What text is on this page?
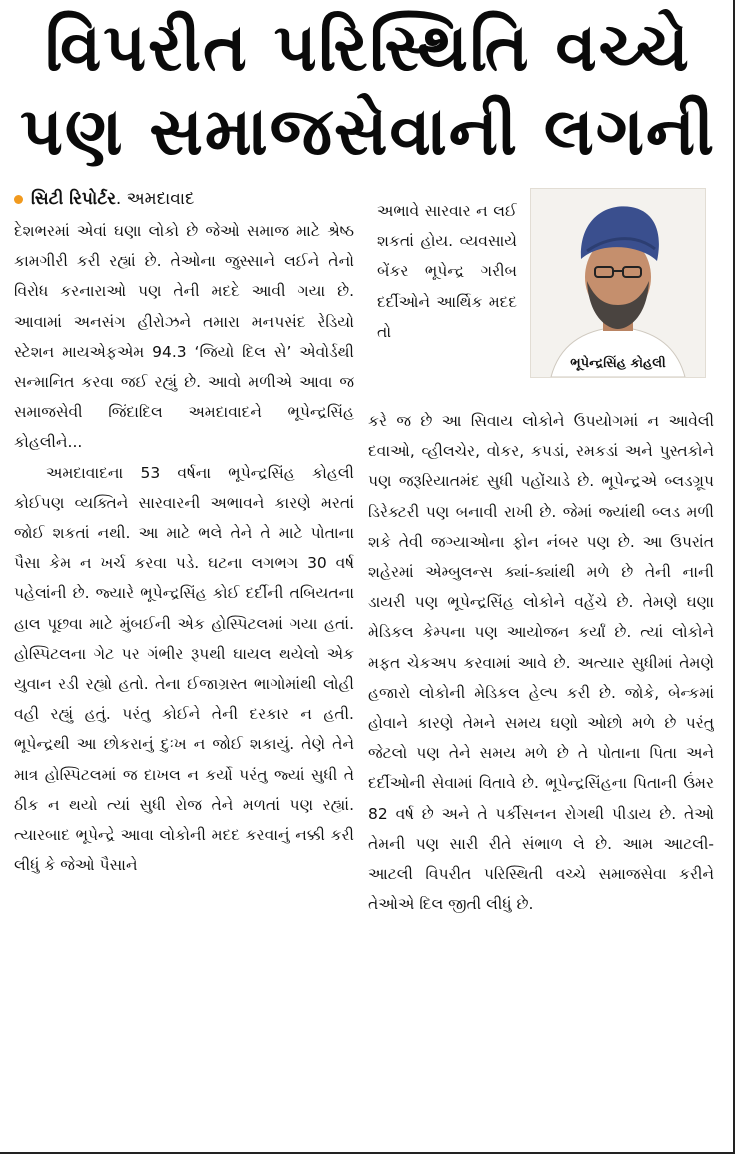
વિપરીત પરિસ્થિતિ વચ્ચે
પણ સમાજસેવાની લગની
સિટી રિપોર્ટર. અમદાવાદ

દેશભરમાં એવાં ઘણા લોકો છે જેઓ સમાજ માટે શ્રેષ્ઠ કામગીરી કરી રહ્યાં છે. તેઓના જુસ્સાને લઈને તેનો વિરોધ કરનારાઓ પણ તેની મદદે આવી ગયા છે. આવામાં અનસંગ હીરોઝને તમારા મનપસંદ રેડિયો સ્ટેશન માયએફએમ 94.3 ‘જિયો દિલ સે’ એવોર્ડથી સન્માનિત કરવા જઈ રહ્યું છે. આવો મળીએ આવા જ સમાજસેવી જિંદાદિલ અમદાવાદને ભૂપેન્દ્રસિંહ કોહલીને...

અમદાવાદના 53 વર્ષના ભૂપેન્દ્રસિંહ કોહલી કોઈપણ વ્યક્તિને સારવારની અભાવને કારણે મરતાં જોઈ શકતાં નથી. આ માટે ભલે તેને તે માટે પોતાના પૈસા કેમ ન ખર્ચ કરવા પડે. ઘટના લગભગ 30 વર્ષ પહેલાંની છે. જ્યારે ભૂપેન્દ્રસિંહ કોઈ દર્દીની તબિયતના હાલ પૂછવા માટે મુંબઈની એક હોસ્પિટલમાં ગયા હતાં. હોસ્પિટલના ગેટ પર ગંભીર રૂપથી ઘાયલ થયેલો એક યુવાન રડી રહ્યો હતો. તેના ઈજાગ્રસ્ત ભાગોમાંથી લોહી વહી રહ્યું હતું. પરંતુ કોઈને તેની દરકાર ન હતી. ભૂપેન્દ્રથી આ છોકરાનું દુઃખ ન જોઈ શકાયું. તેણે તેને માત્ર હોસ્પિટલમાં જ દાખલ ન કર્યો પરંતુ જ્યાં સુધી તે ઠીક ન થયો ત્યાં સુધી રોજ તેને મળતાં પણ રહ્યાં. ત્યારબાદ ભૂપેન્દ્રે આવા લોકોની મદદ કરવાનું નક્કી કરી લીધું કે જેઓ પૈસાને

અભાવે સારવાર ન લઈ શકતાં હોય. વ્યવસાયે બેંકર ભૂપેન્દ્ર ગરીબ દર્દીઓને આર્થિક મદદ તો

ભૂપેન્દ્રસિંહ કોહલી

કરે જ છે આ સિવાય લોકોને ઉપયોગમાં ન આવેલી દવાઓ, વ્હીલચેર, વોકર, કપડાં, રમકડાં અને પુસ્તકોને પણ જરૂરિયાતમંદ સુધી પહોંચાડે છે. ભૂપેન્દ્રએ બ્લડગ્રૂપ ડિરેક્ટરી પણ બનાવી રાખી છે. જેમાં જ્યાંથી બ્લડ મળી શકે તેવી જગ્યાઓના ફોન નંબર પણ છે. આ ઉપરાંત શહેરમાં એમ્બુલન્સ ક્યાં-ક્યાંથી મળે છે તેની નાની ડાયરી પણ ભૂપેન્દ્રસિંહ લોકોને વહેંચે છે. તેમણે ઘણા મેડિકલ કેમ્પના પણ આયોજન કર્યાં છે. ત્યાં લોકોને મફત ચેકઅપ કરવામાં આવે છે. અત્યાર સુધીમાં તેમણે હજારો લોકોની મેડિકલ હેલ્પ કરી છે. જોકે, બેન્કમાં હોવાને કારણે તેમને સમય ઘણો ઓછો મળે છે પરંતુ જેટલો પણ તેને સમય મળે છે તે પોતાના પિતા અને દર્દીઓની સેવામાં વિતાવે છે. ભૂપેન્દ્રસિંહના પિતાની ઉંમર 82 વર્ષ છે અને તે પર્કીસનન રોગથી પીડાય છે. તેઓ તેમની પણ સારી રીતે સંભાળ લે છે. આમ આટલી-આટલી વિપરીત પરિસ્થિતી વચ્ચે સમાજસેવા કરીને તેઓએ દિલ જીતી લીધું છે.
